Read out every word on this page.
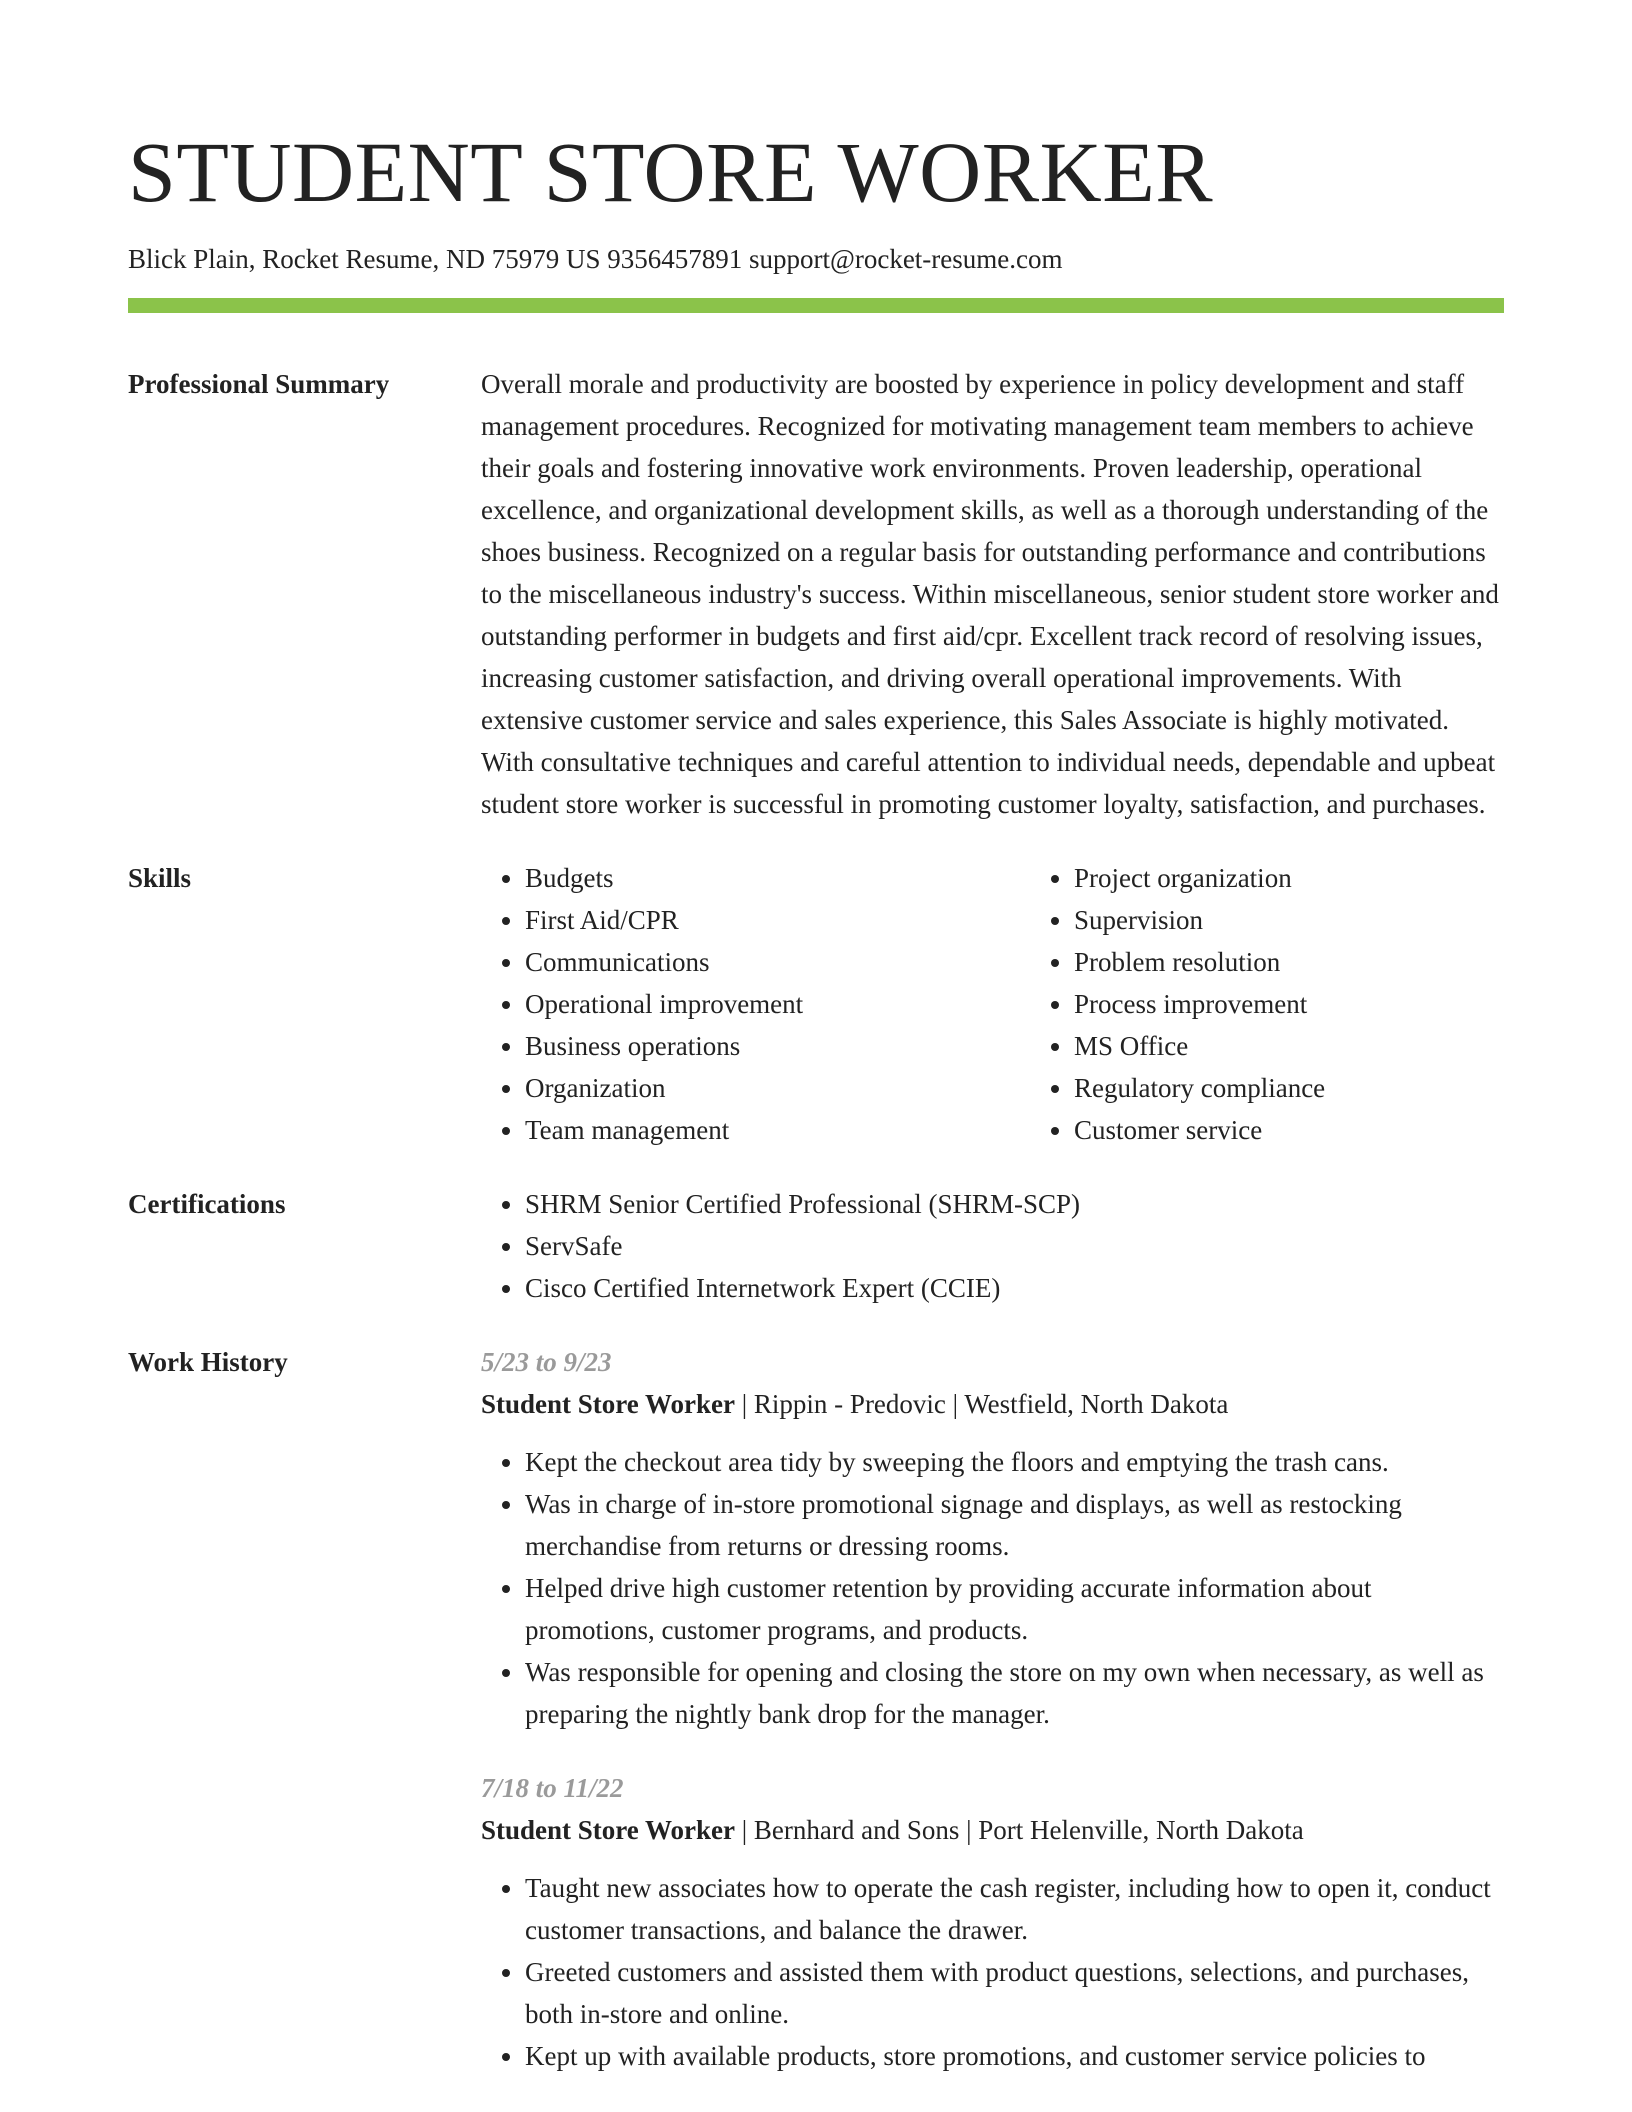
STUDENT STORE WORKER
Blick Plain, Rocket Resume, ND 75979 US 9356457891 support@rocket-resume.com
Professional Summary	Overall morale and productivity are boosted by experience in policy development and staff management procedures. Recognized for motivating management team members to achieve their goals and fostering innovative work environments. Proven leadership, operational excellence, and organizational development skills, as well as a thorough understanding of the shoes business. Recognized on a regular basis for outstanding performance and contributions to the miscellaneous industry's success. Within miscellaneous, senior student store worker and outstanding performer in budgets and first aid/cpr. Excellent track record of resolving issues, increasing customer satisfaction, and driving overall operational improvements. With extensive customer service and sales experience, this Sales Associate is highly motivated. With consultative techniques and careful attention to individual needs, dependable and upbeat student store worker is successful in promoting customer loyalty, satisfaction, and purchases.

Skills	• Budgets
• First Aid/CPR
• Communications
• Operational improvement
• Business operations
• Organization
• Team management
• Project organization
• Supervision
• Problem resolution
• Process improvement
• MS Office
• Regulatory compliance
• Customer service
Certifications	• SHRM Senior Certified Professional (SHRM-SCP)
• ServSafe
• Cisco Certified Internetwork Expert (CCIE)
Work History	5/23 to 9/23
Student Store Worker | Rippin - Predovic | Westfield, North Dakota
• Kept the checkout area tidy by sweeping the floors and emptying the trash cans.
• Was in charge of in-store promotional signage and displays, as well as restocking merchandise from returns or dressing rooms.
• Helped drive high customer retention by providing accurate information about promotions, customer programs, and products.
• Was responsible for opening and closing the store on my own when necessary, as well as preparing the nightly bank drop for the manager.
7/18 to 11/22
Student Store Worker | Bernhard and Sons | Port Helenville, North Dakota
• Taught new associates how to operate the cash register, including how to open it, conduct customer transactions, and balance the drawer.
• Greeted customers and assisted them with product questions, selections, and purchases, both in-store and online.
• Kept up with available products, store promotions, and customer service policies to
